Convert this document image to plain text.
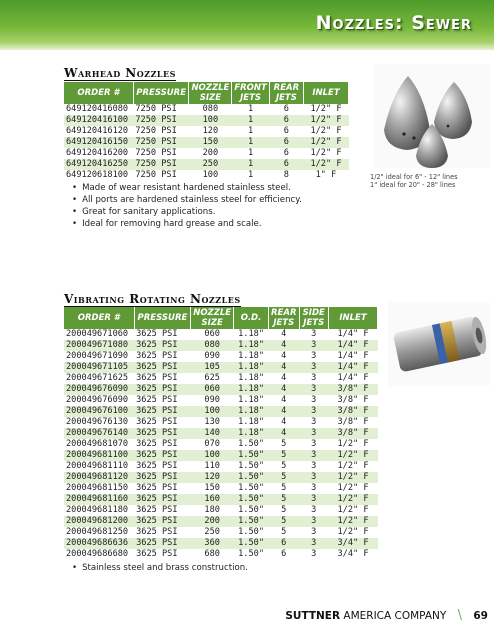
Nozzles: Sewer
Warhead Nozzles
ORDER #	PRESSURE	NOZZLE SIZE	FRONT JETS	REAR JETS	INLET
649120416080	7250 PSI	080	1	6	1/2" F
649120416100	7250 PSI	100	1	6	1/2" F
649120416120	7250 PSI	120	1	6	1/2" F
649120416150	7250 PSI	150	1	6	1/2" F
649120416200	7250 PSI	200	1	6	1/2" F
649120416250	7250 PSI	250	1	6	1/2" F
649120618100	7250 PSI	100	1	8	1" F
• Made of wear resistant hardened stainless steel.
• All ports are hardened stainless steel for efficiency.
• Great for sanitary applications.
• Ideal for removing hard grease and scale.
1/2" ideal for 6" - 12" lines
1" ideal for 20" - 28" lines
Vibrating Rotating Nozzles
ORDER #	PRESSURE	NOZZLE SIZE	O.D.	REAR JETS	SIDE JETS	INLET
200049671060	3625 PSI	060	1.18"	4	3	1/4" F
200049671080	3625 PSI	080	1.18"	4	3	1/4" F
200049671090	3625 PSI	090	1.18"	4	3	1/4" F
200049671105	3625 PSI	105	1.18"	4	3	1/4" F
200049671625	3625 PSI	625	1.18"	4	3	1/4" F
200049676090	3625 PSI	060	1.18"	4	3	3/8" F
200049676090	3625 PSI	090	1.18"	4	3	3/8" F
200049676100	3625 PSI	100	1.18"	4	3	3/8" F
200049676130	3625 PSI	130	1.18"	4	3	3/8" F
200049676140	3625 PSI	140	1.18"	4	3	3/8" F
200049681070	3625 PSI	070	1.50"	5	3	1/2" F
200049681100	3625 PSI	100	1.50"	5	3	1/2" F
200049681110	3625 PSI	110	1.50"	5	3	1/2" F
200049681120	3625 PSI	120	1.50"	5	3	1/2" F
200049681150	3625 PSI	150	1.50"	5	3	1/2" F
200049681160	3625 PSI	160	1.50"	5	3	1/2" F
200049681180	3625 PSI	180	1.50"	5	3	1/2" F
200049681200	3625 PSI	200	1.50"	5	3	1/2" F
200049681250	3625 PSI	250	1.50"	5	3	1/2" F
200049686636	3625 PSI	360	1.50"	6	3	3/4" F
200049686680	3625 PSI	680	1.50"	6	3	3/4" F
• Stainless steel and brass construction.
SUTTNER AMERICA COMPANY \ 69
